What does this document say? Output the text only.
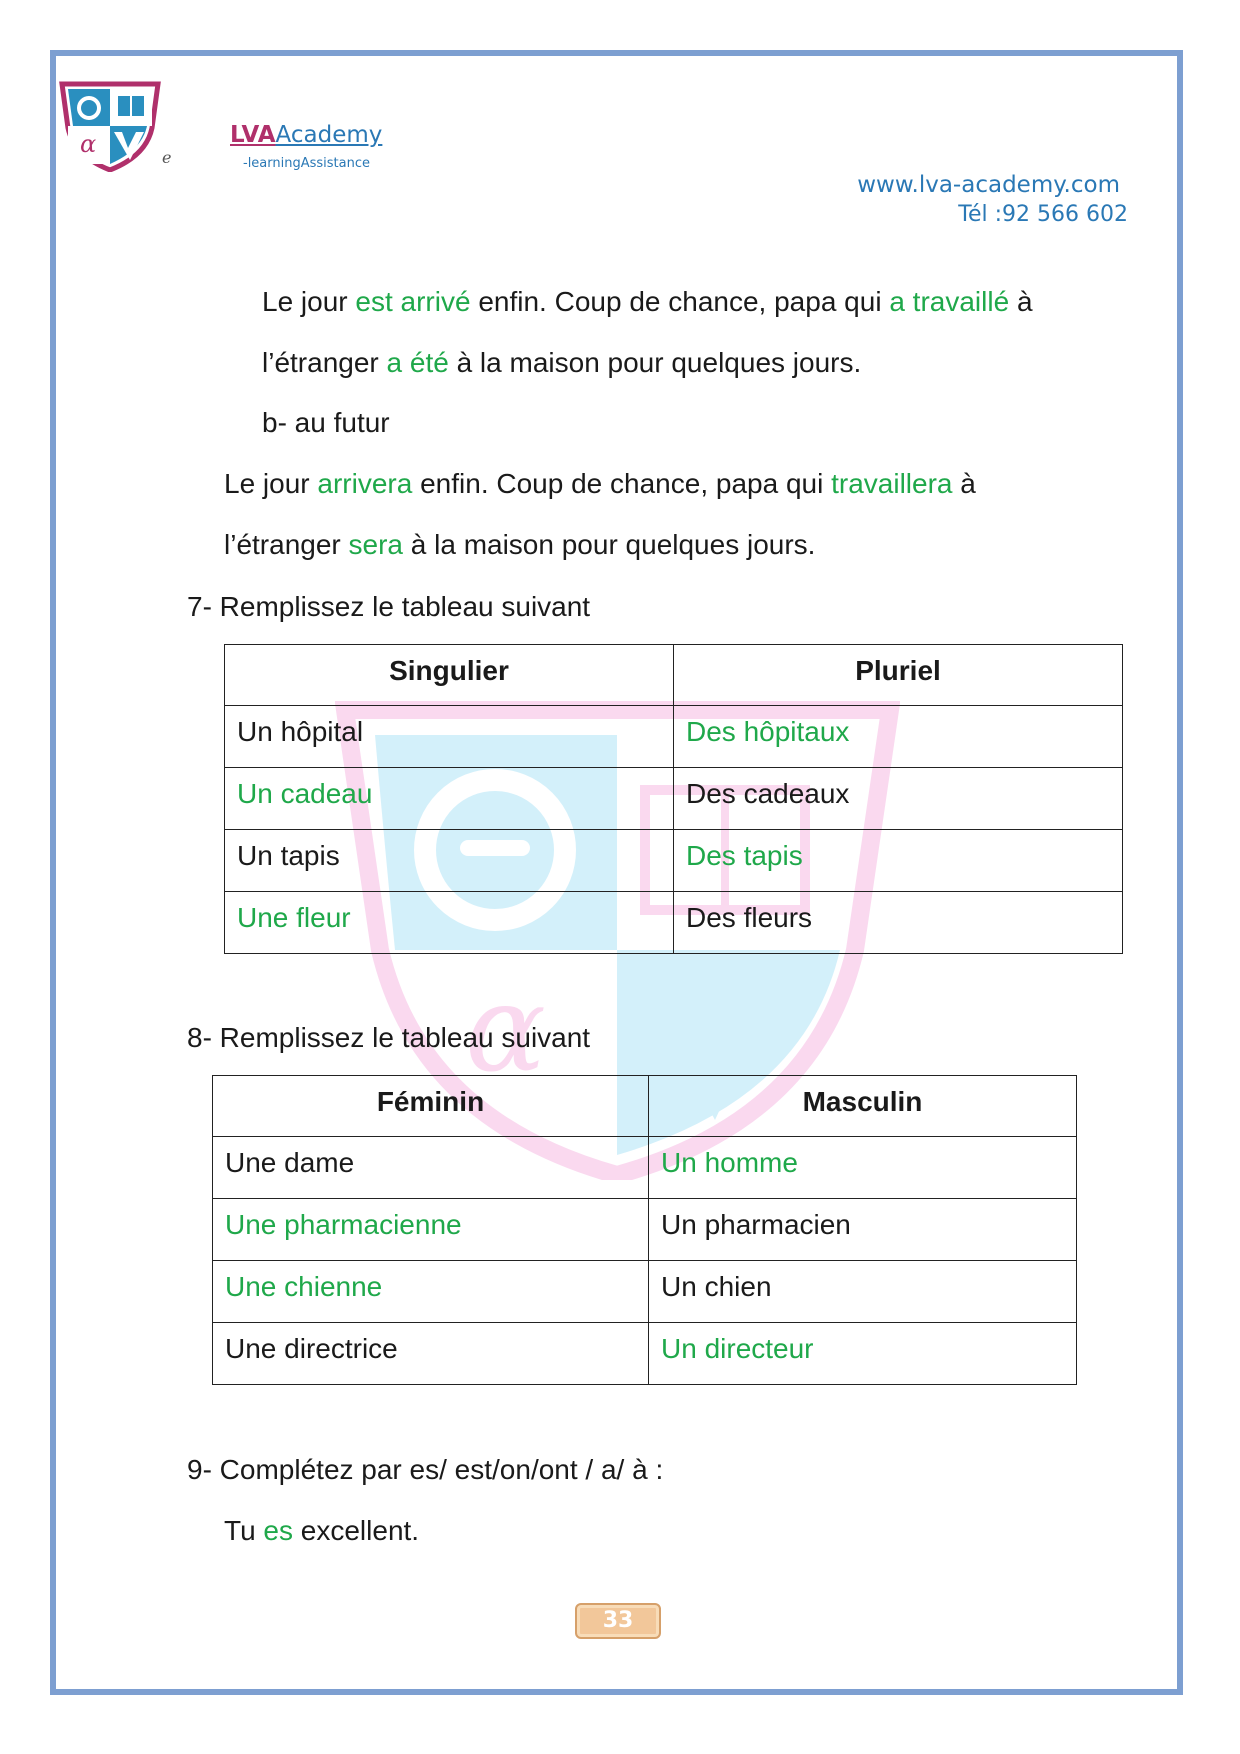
α	e
LVAAcademy
-learningAssistance
www.lva-academy.com
Tél :92 566 602
α
Le jour est arrivé enfin. Coup de chance, papa qui a travaillé à
l’étranger a été à la maison pour quelques jours.
b- au futur
Le jour arrivera enfin. Coup de chance, papa qui travaillera à
l’étranger sera à la maison pour quelques jours.
7- Remplissez le tableau suivant
Singulier	Pluriel
Un hôpital	Des hôpitaux
Un cadeau	Des cadeaux
Un tapis	Des tapis
Une fleur	Des fleurs
8- Remplissez le tableau suivant
Féminin	Masculin
Une dame	Un homme
Une pharmacienne	Un pharmacien
Une chienne	Un chien
Une directrice	Un directeur
9- Complétez par es/ est/on/ont / a/ à :
Tu es excellent.
33
